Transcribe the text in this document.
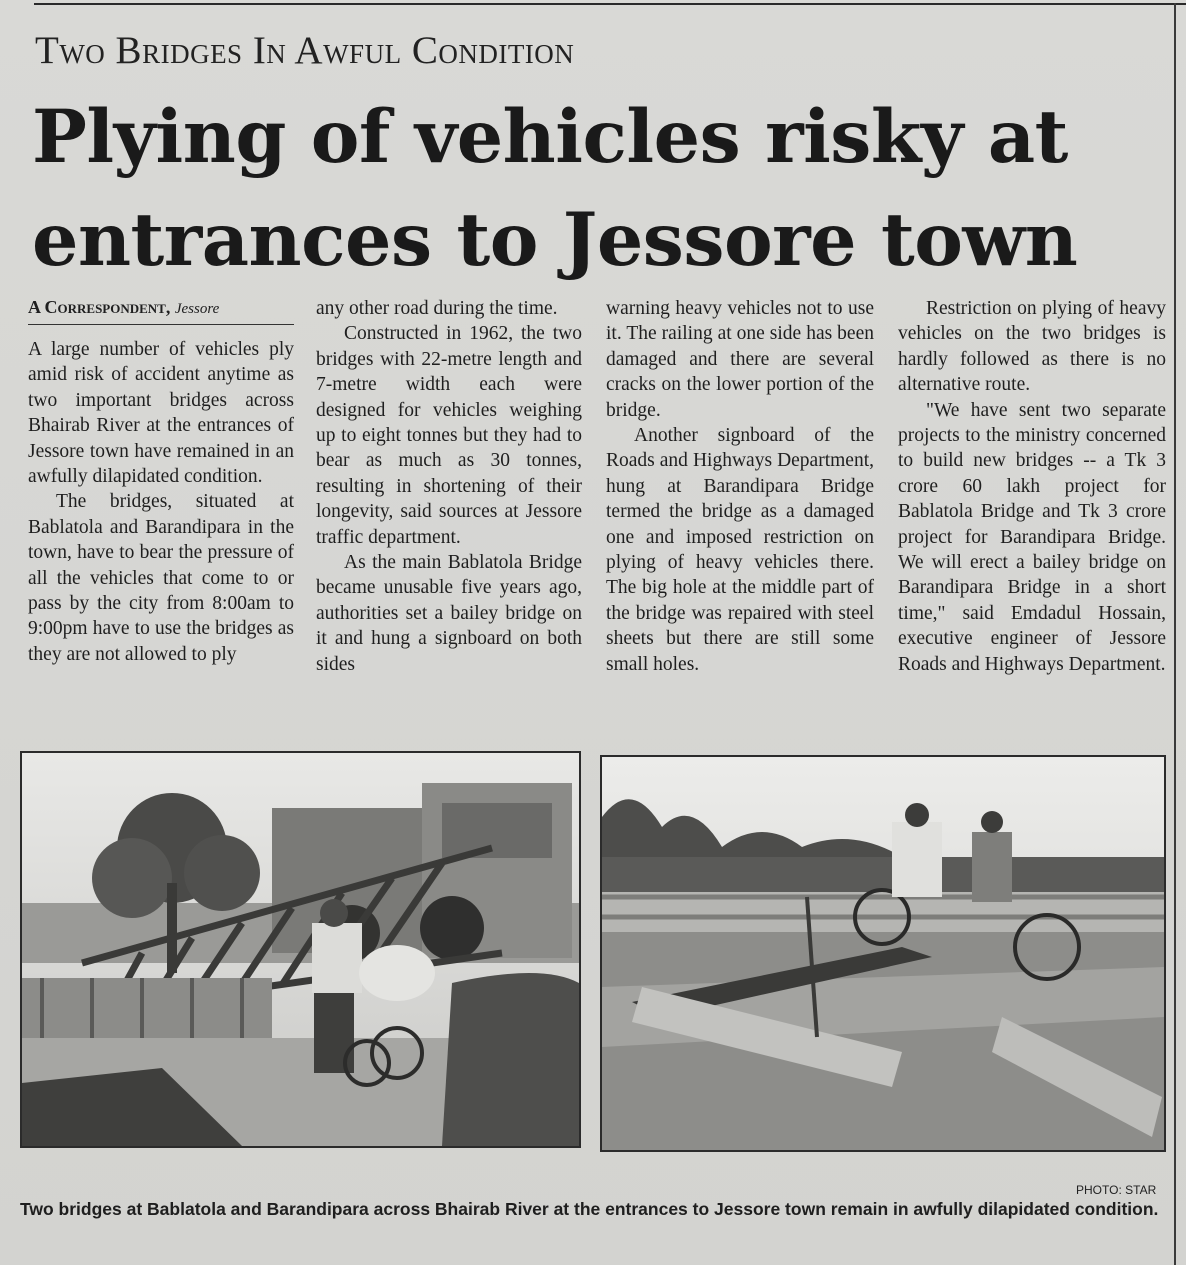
Two Bridges In Awful Condition
Plying of vehicles risky at entrances to Jessore town
A Correspondent, Jessore

A large number of vehicles ply amid risk of accident anytime as two important bridges across Bhairab River at the entrances of Jessore town have remained in an awfully dilapidated condition.

The bridges, situated at Bablatola and Barandipara in the town, have to bear the pressure of all the vehicles that come to or pass by the city from 8:00am to 9:00pm have to use the bridges as they are not allowed to ply

any other road during the time.

Constructed in 1962, the two bridges with 22-metre length and 7-metre width each were designed for vehicles weighing up to eight tonnes but they had to bear as much as 30 tonnes, resulting in shortening of their longevity, said sources at Jessore traffic department.

As the main Bablatola Bridge became unusable five years ago, authorities set a bailey bridge on it and hung a signboard on both sides

warning heavy vehicles not to use it. The railing at one side has been damaged and there are several cracks on the lower portion of the bridge.

Another signboard of the Roads and Highways Department, hung at Barandipara Bridge termed the bridge as a damaged one and imposed restriction on plying of heavy vehicles there. The big hole at the middle part of the bridge was repaired with steel sheets but there are still some small holes.

Restriction on plying of heavy vehicles on the two bridges is hardly followed as there is no alternative route.

"We have sent two separate projects to the ministry concerned to build new bridges -- a Tk 3 crore 60 lakh project for Bablatola Bridge and Tk 3 crore project for Barandipara Bridge. We will erect a bailey bridge on Barandipara Bridge in a short time," said Emdadul Hossain, executive engineer of Jessore Roads and Highways Department.

PHOTO: STAR
Two bridges at Bablatola and Barandipara across Bhairab River at the entrances to Jessore town remain in awfully dilapidated condition.
